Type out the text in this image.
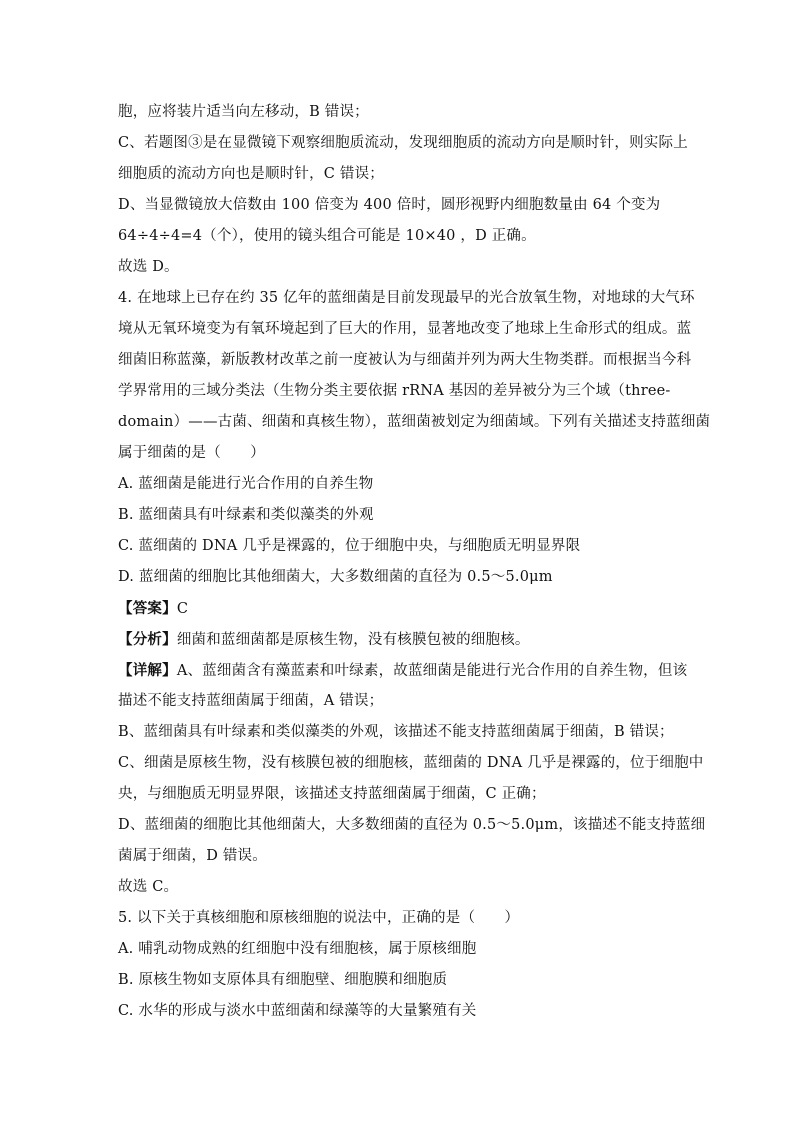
胞，应将装片适当向左移动，B 错误；
C、若题图③是在显微镜下观察细胞质流动，发现细胞质的流动方向是顺时针，则实际上
细胞质的流动方向也是顺时针，C 错误；
D、当显微镜放大倍数由 100 倍变为 400 倍时，圆形视野内细胞数量由 64 个变为
64÷4÷4=4（个），使用的镜头组合可能是 10×40 ，D 正确。
故选 D。
4. 在地球上已存在约 35 亿年的蓝细菌是目前发现最早的光合放氧生物，对地球的大气环
境从无氧环境变为有氧环境起到了巨大的作用，显著地改变了地球上生命形式的组成。蓝
细菌旧称蓝藻，新版教材改革之前一度被认为与细菌并列为两大生物类群。而根据当今科
学界常用的三域分类法（生物分类主要依据 rRNA 基因的差异被分为三个域（three-
domain）——古菌、细菌和真核生物），蓝细菌被划定为细菌域。下列有关描述支持蓝细菌
属于细菌的是（　　）
A. 蓝细菌是能进行光合作用的自养生物
B. 蓝细菌具有叶绿素和类似藻类的外观
C. 蓝细菌的 DNA 几乎是裸露的，位于细胞中央，与细胞质无明显界限
D. 蓝细菌的细胞比其他细菌大，大多数细菌的直径为 0.5～5.0μm
【答案】C
【分析】细菌和蓝细菌都是原核生物，没有核膜包被的细胞核。
【详解】A、蓝细菌含有藻蓝素和叶绿素，故蓝细菌是能进行光合作用的自养生物，但该
描述不能支持蓝细菌属于细菌，A 错误；
B、蓝细菌具有叶绿素和类似藻类的外观，该描述不能支持蓝细菌属于细菌，B 错误；
C、细菌是原核生物，没有核膜包被的细胞核，蓝细菌的 DNA 几乎是裸露的，位于细胞中
央，与细胞质无明显界限，该描述支持蓝细菌属于细菌，C 正确；
D、蓝细菌的细胞比其他细菌大，大多数细菌的直径为 0.5～5.0μm，该描述不能支持蓝细
菌属于细菌，D 错误。
故选 C。
5. 以下关于真核细胞和原核细胞的说法中，正确的是（　　）
A. 哺乳动物成熟的红细胞中没有细胞核，属于原核细胞
B. 原核生物如支原体具有细胞壁、细胞膜和细胞质
C. 水华的形成与淡水中蓝细菌和绿藻等的大量繁殖有关
